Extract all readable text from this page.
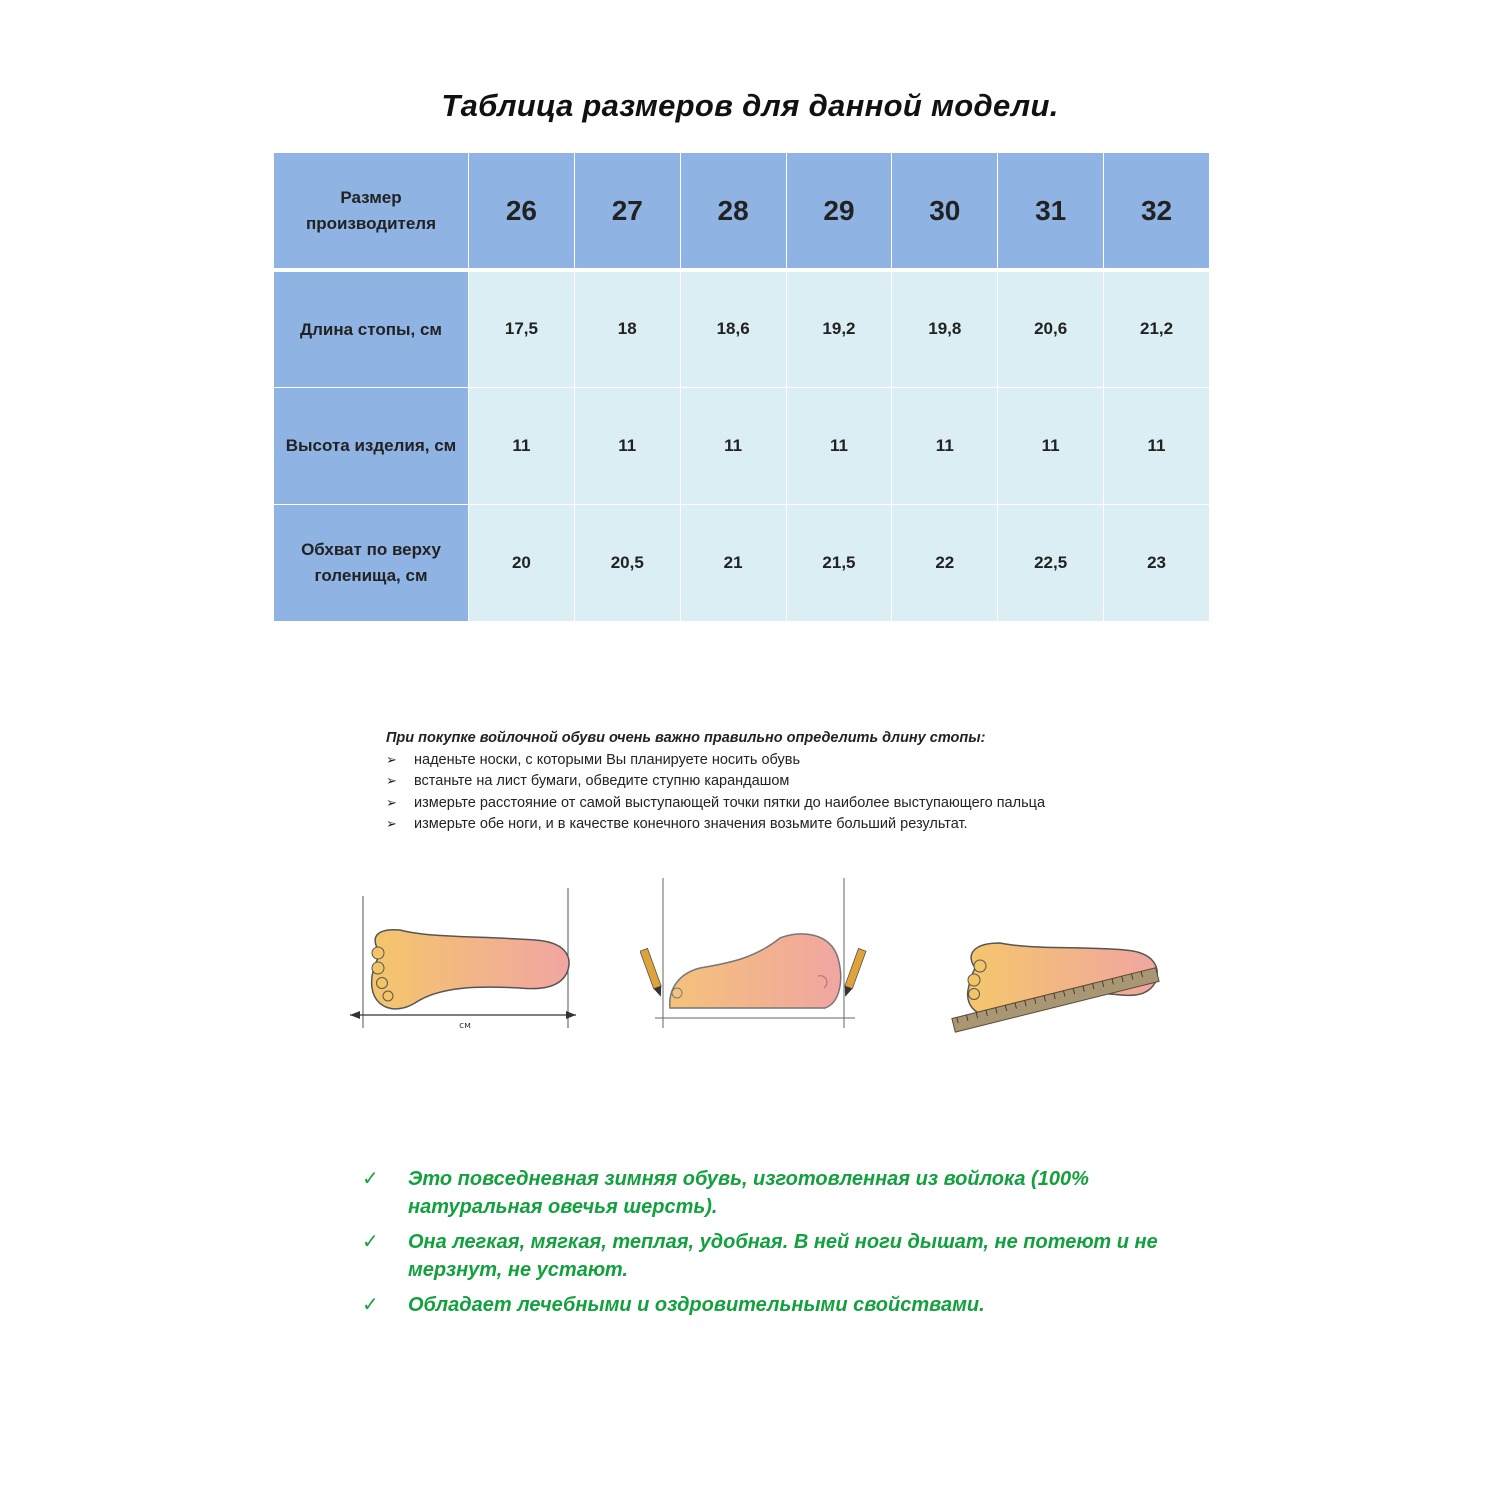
Таблица размеров для данной модели.
Размер производителя	26	27	28	29	30	31	32
Длина стопы, см	17,5	18	18,6	19,2	19,8	20,6	21,2
Высота изделия, см	11	11	11	11	11	11	11
Обхват по верху голенища, см	20	20,5	21	21,5	22	22,5	23
При покупке войлочной обуви очень важно правильно определить длину стопы:
➢	наденьте носки, с которыми Вы планируете носить обувь
➢	встаньте на лист бумаги, обведите ступню карандашом
➢	измерьте расстояние от самой выступающей точки пятки до наиболее выступающего пальца
➢	измерьте обе ноги, и в качестве конечного значения возьмите больший результат.
см
✓	Это повседневная зимняя обувь, изготовленная из войлока (100% натуральная овечья шерсть).
✓	Она легкая, мягкая, теплая, удобная. В ней ноги дышат, не потеют и не мерзнут, не устают.
✓	Обладает лечебными и оздровительными свойствами.
